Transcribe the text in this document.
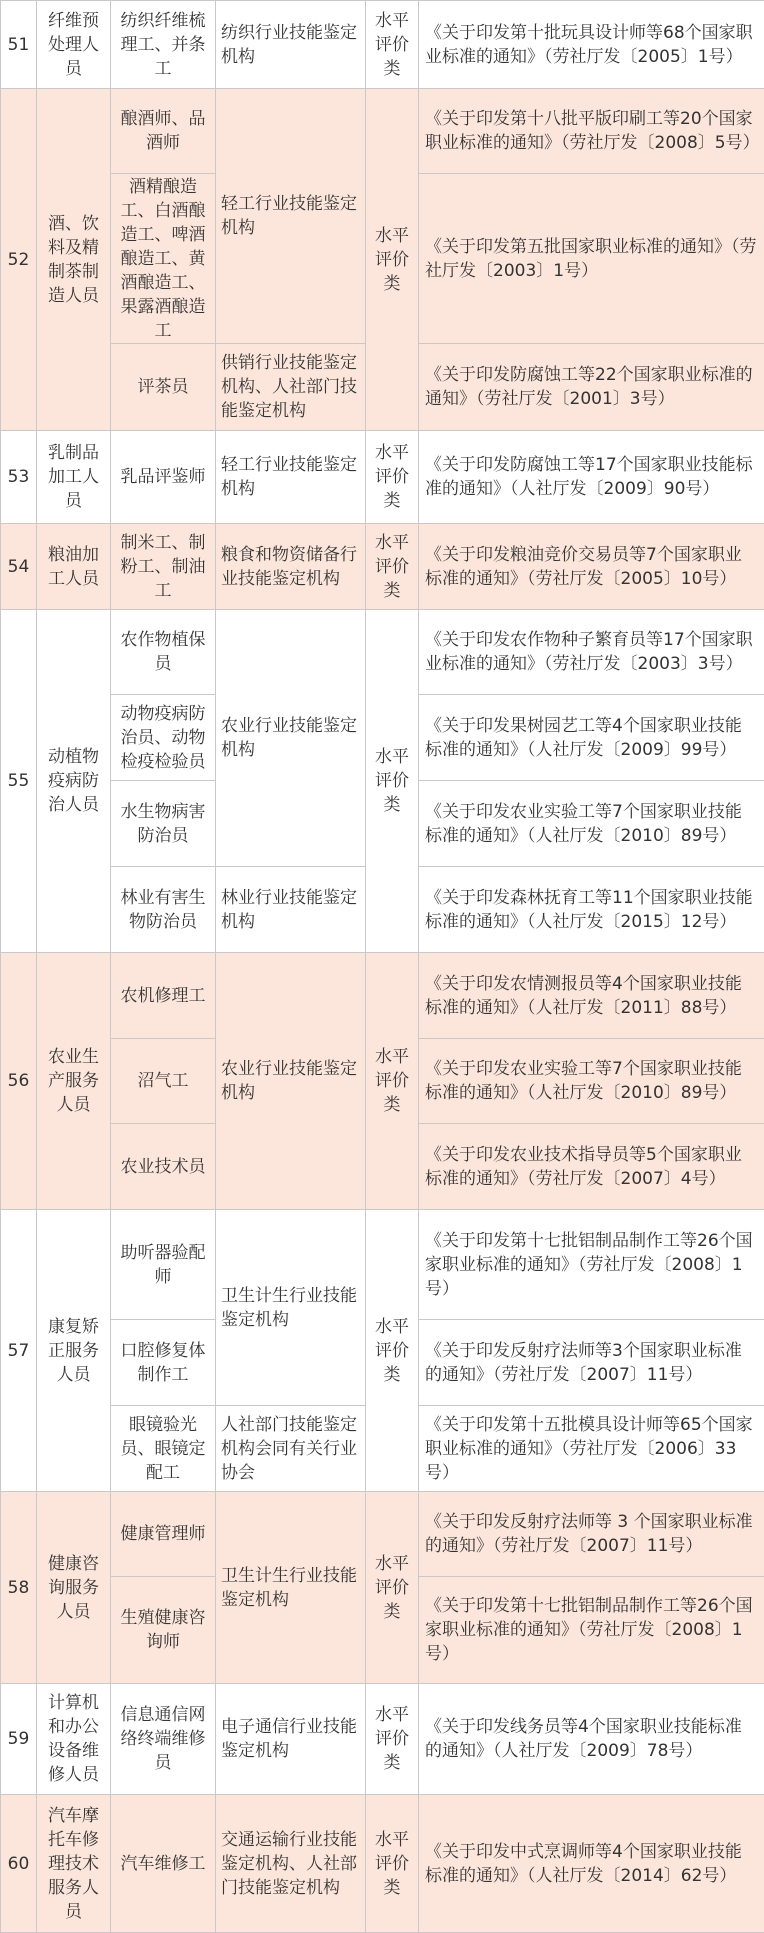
51	纤维预处理人员	纺织纤维梳理工、并条工	纺织行业技能鉴定机构	水平评价类	《关于印发第十批玩具设计师等68个国家职业标准的通知》（劳社厅发〔2005〕1号）
52	酒、饮料及精制茶制造人员	酿酒师、品酒师	轻工行业技能鉴定机构	水平评价类	《关于印发第十八批平版印刷工等20个国家职业标准的通知》（劳社厅发〔2008〕5号）
		酒精酿造工、白酒酿造工、啤酒酿造工、黄酒酿造工、果露酒酿造工			《关于印发第五批国家职业标准的通知》（劳社厅发〔2003〕1号）
		评茶员	供销行业技能鉴定机构、人社部门技能鉴定机构		《关于印发防腐蚀工等22个国家职业标准的通知》（劳社厅发〔2001〕3号）
53	乳制品加工人员	乳品评鉴师	轻工行业技能鉴定机构	水平评价类	《关于印发防腐蚀工等17个国家职业技能标准的通知》（人社厅发〔2009〕90号）
54	粮油加工人员	制米工、制粉工、制油工	粮食和物资储备行业技能鉴定机构	水平评价类	《关于印发粮油竞价交易员等7个国家职业标准的通知》（劳社厅发〔2005〕10号）
55	动植物疫病防治人员	农作物植保员	农业行业技能鉴定机构	水平评价类	《关于印发农作物种子繁育员等17个国家职业标准的通知》（劳社厅发〔2003〕3号）
		动物疫病防治员、动物检疫检验员			《关于印发果树园艺工等4个国家职业技能标准的通知》（人社厅发〔2009〕99号）
		水生物病害防治员			《关于印发农业实验工等7个国家职业技能标准的通知》（人社厅发〔2010〕89号）
		林业有害生物防治员	林业行业技能鉴定机构		《关于印发森林抚育工等11个国家职业技能标准的通知》（人社厅发〔2015〕12号）
56	农业生产服务人员	农机修理工	农业行业技能鉴定机构	水平评价类	《关于印发农情测报员等4个国家职业技能标准的通知》（人社厅发〔2011〕88号）
		沼气工			《关于印发农业实验工等7个国家职业技能标准的通知》（人社厅发〔2010〕89号）
		农业技术员			《关于印发农业技术指导员等5个国家职业标准的通知》（劳社厅发〔2007〕4号）
57	康复矫正服务人员	助听器验配师	卫生计生行业技能鉴定机构	水平评价类	《关于印发第十七批铝制品制作工等26个国家职业标准的通知》（劳社厅发〔2008〕1号）
		口腔修复体制作工			《关于印发反射疗法师等3个国家职业标准的通知》（劳社厅发〔2007〕11号）
		眼镜验光员、眼镜定配工	人社部门技能鉴定机构会同有关行业协会		《关于印发第十五批模具设计师等65个国家职业标准的通知》（劳社厅发〔2006〕33号）
58	健康咨询服务人员	健康管理师	卫生计生行业技能鉴定机构	水平评价类	《关于印发反射疗法师等 3 个国家职业标准的通知》（劳社厅发〔2007〕11号）
		生殖健康咨询师			《关于印发第十七批铝制品制作工等26个国家职业标准的通知》（劳社厅发〔2008〕1号）
59	计算机和办公设备维修人员	信息通信网络终端维修员	电子通信行业技能鉴定机构	水平评价类	《关于印发线务员等4个国家职业技能标准的通知》（人社厅发〔2009〕78号）
60	汽车摩托车修理技术服务人员	汽车维修工	交通运输行业技能鉴定机构、人社部门技能鉴定机构	水平评价类	《关于印发中式烹调师等4个国家职业技能标准的通知》（人社厅发〔2014〕62号）
